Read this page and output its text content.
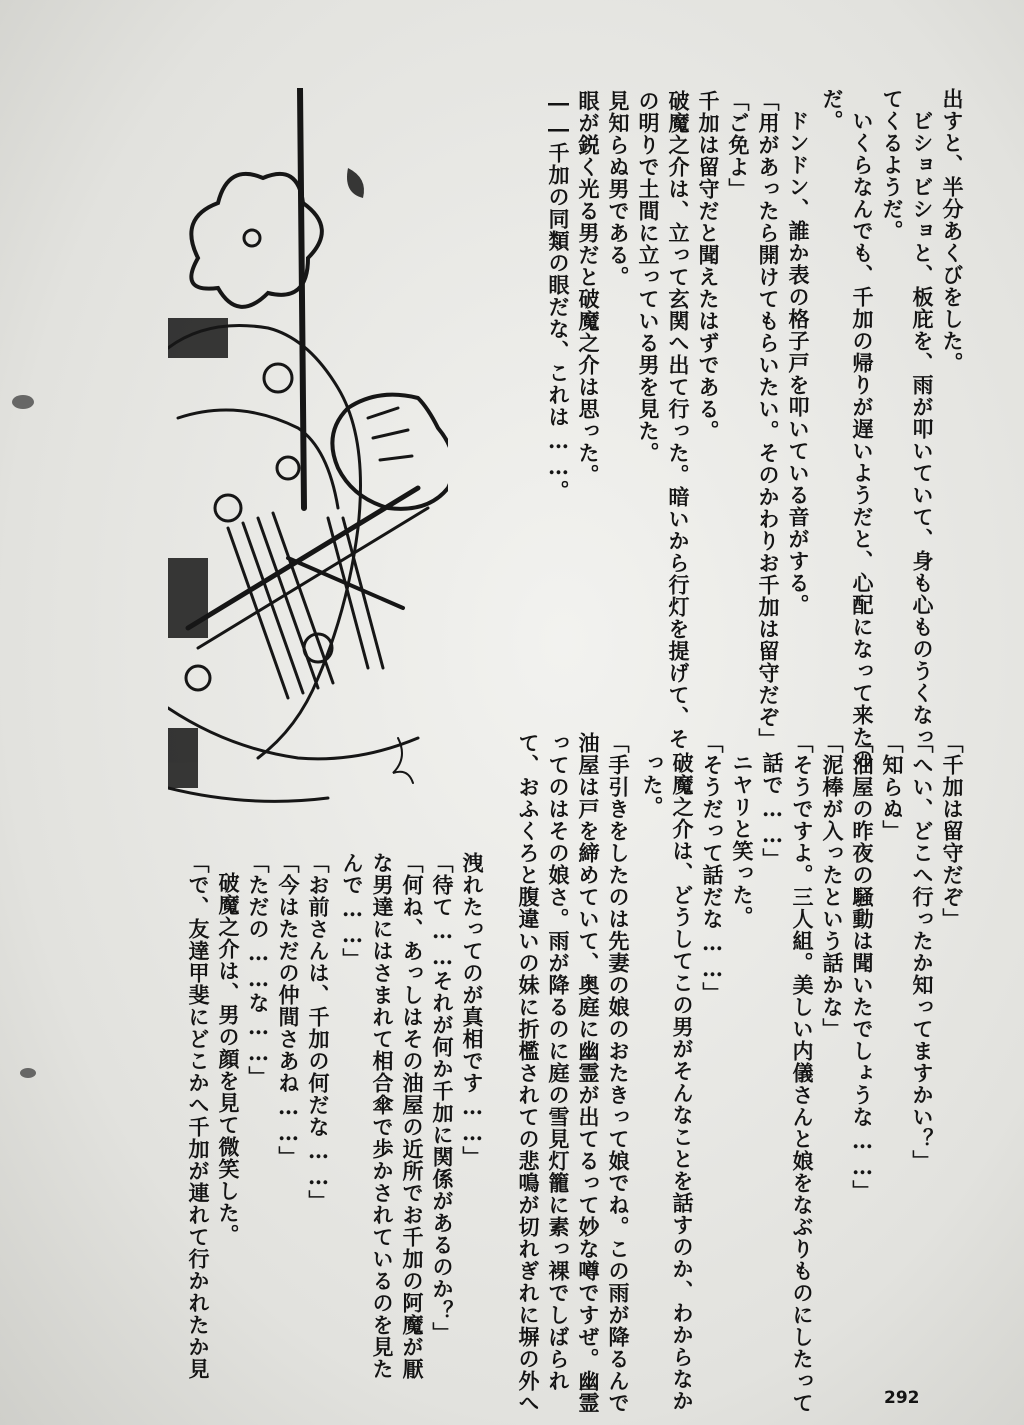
出すと、半分あくびをした。
ビショビショと、板庇を、雨が叩いていて、身も心ものうくなっ
てくるようだ。
いくらなんでも、千加の帰りが遅いようだと、心配になって来たの
だ。
ドンドン、誰か表の格子戸を叩いている音がする。
「用があったら開けてもらいたい。そのかわりお千加は留守だぞ」
「ご免よ」
千加は留守だと聞えたはずである。
破魔之介は、立って玄関へ出て行った。暗いから行灯を提げて、そ
の明りで土間に立っている男を見た。
見知らぬ男である。
眼が鋭く光る男だと破魔之介は思った。
――千加の同類の眼だな、これは……。
「千加は留守だぞ」
「へい、どこへ行ったか知ってますかい？」
「知らぬ」
「油屋の昨夜の騒動は聞いたでしょうな……」
「泥棒が入ったという話かな」
「そうですよ。三人組。美しい内儀さんと娘をなぶりものにしたって
話で……」
ニヤリと笑った。
「そうだって話だな……」
破魔之介は、どうしてこの男がそんなことを話すのか、わからなか
った。
「手引きをしたのは先妻の娘のおたきって娘でね。この雨が降るんで
油屋は戸を締めていて、奥庭に幽霊が出てるって妙な噂ですぜ。幽霊
ってのはその娘さ。雨が降るのに庭の雪見灯籠に素っ裸でしばられ
て、おふくろと腹違いの妹に折檻されての悲鳴が切れぎれに塀の外へ
洩れたってのが真相です……」
「待て……それが何か千加に関係があるのか？」
「何ね、あっしはその油屋の近所でお千加の阿魔が厭
な男達にはさまれて相合傘で歩かされているのを見た
んで……」
「お前さんは、千加の何だな……」
「今はただの仲間さあね……」
「ただの……な……」
破魔之介は、男の顔を見て微笑した。
「で、友達甲斐にどこかへ千加が連れて行かれたか見
292
